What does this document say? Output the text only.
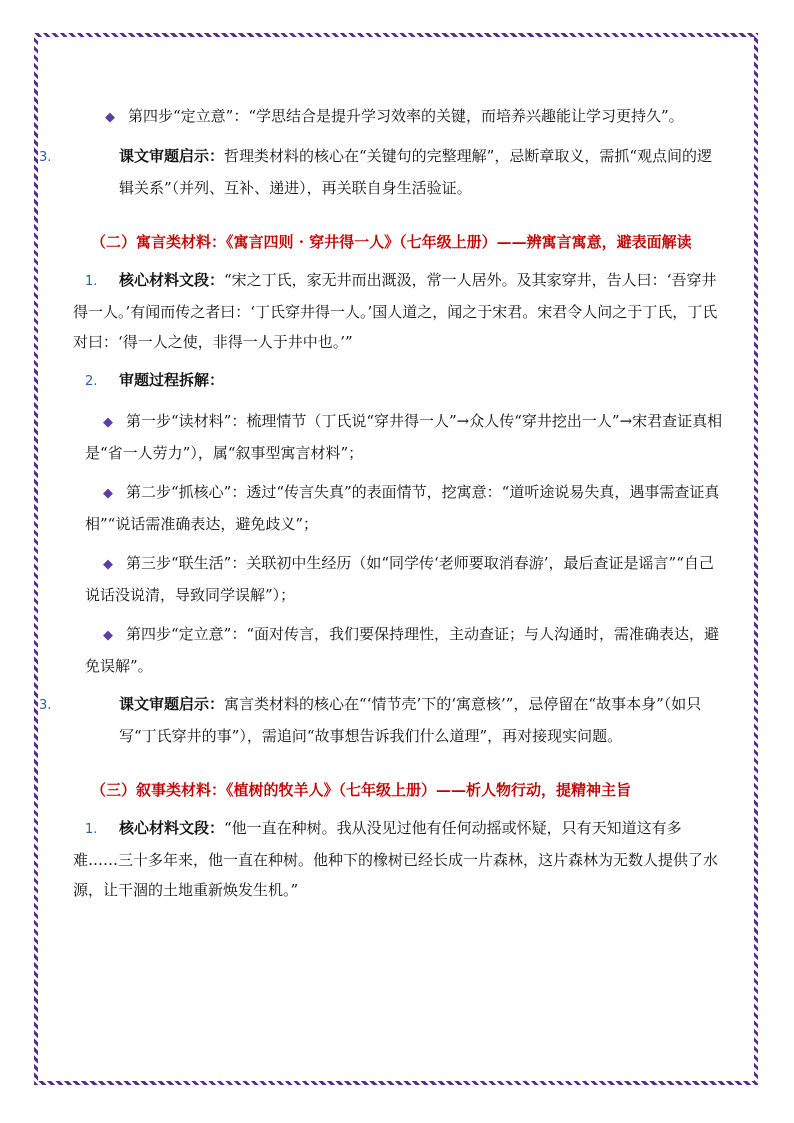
◆ 第四步“定立意”：“学思结合是提升学习效率的关键，而培养兴趣能让学习更持久”。

3.	课文审题启示：哲理类材料的核心在“关键句的完整理解”，忌断章取义，需抓“观点间的逻辑关系”（并列、互补、递进），再关联自身生活验证。

（二）寓言类材料：《寓言四则 · 穿井得一人》（七年级上册）——辨寓言寓意，避表面解读

1. 核心材料文段：“宋之丁氏，家无井而出溉汲，常一人居外。及其家穿井，告人曰：‘吾穿井得一人。’有闻而传之者曰：‘丁氏穿井得一人。’国人道之，闻之于宋君。宋君令人问之于丁氏，丁氏对曰：‘得一人之使，非得一人于井中也。’”

2. 审题过程拆解：

◆ 第一步“读材料”：梳理情节（丁氏说“穿井得一人”→众人传“穿井挖出一人”→宋君查证真相是“省一人劳力”），属“叙事型寓言材料”；

◆ 第二步“抓核心”：透过“传言失真”的表面情节，挖寓意：“道听途说易失真，遇事需查证真相”“说话需准确表达，避免歧义”；

◆ 第三步“联生活”：关联初中生经历（如“同学传‘老师要取消春游’，最后查证是谣言”“自己说话没说清，导致同学误解”）；

◆ 第四步“定立意”：“面对传言，我们要保持理性，主动查证；与人沟通时，需准确表达，避免误解”。

3.	课文审题启示：寓言类材料的核心在“‘情节壳’下的‘寓意核’”，忌停留在“故事本身”（如只写“丁氏穿井的事”），需追问“故事想告诉我们什么道理”，再对接现实问题。

（三）叙事类材料：《植树的牧羊人》（七年级上册）——析人物行动，提精神主旨

1. 核心材料文段：“他一直在种树。我从没见过他有任何动摇或怀疑，只有天知道这有多难……三十多年来，他一直在种树。他种下的橡树已经长成一片森林，这片森林为无数人提供了水源，让干涸的土地重新焕发生机。”
